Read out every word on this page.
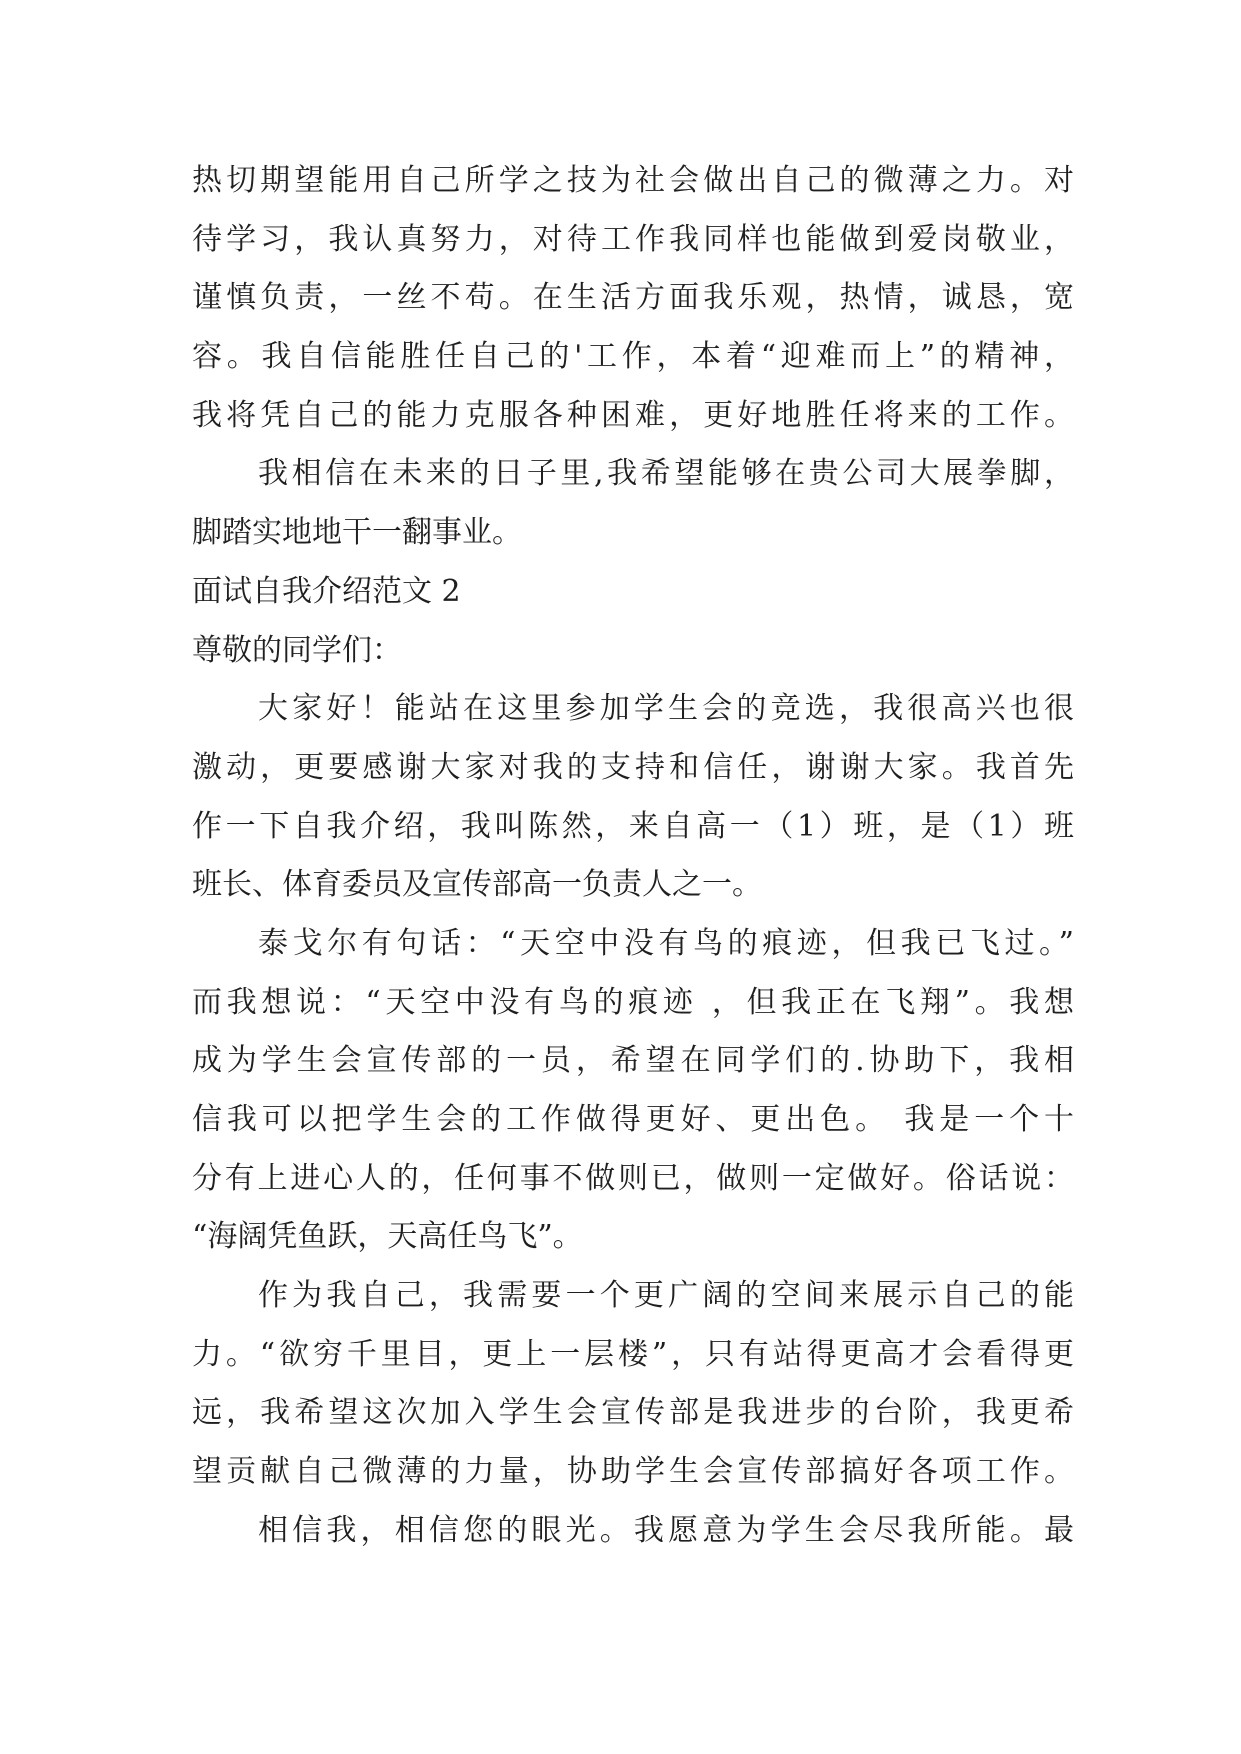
热切期望能用自己所学之技为社会做出自己的微薄之力。对
待学习，我认真努力，对待工作我同样也能做到爱岗敬业，
谨慎负责，一丝不苟。在生活方面我乐观，热情，诚恳，宽
容。我自信能胜任自己的'工作，本着“迎难而上”的精神，
我将凭自己的能力克服各种困难，更好地胜任将来的工作。
我相信在未来的日子里,我希望能够在贵公司大展拳脚，
脚踏实地地干一翻事业。
面试自我介绍范文 2
尊敬的同学们：
大家好！能站在这里参加学生会的竞选，我很高兴也很
激动，更要感谢大家对我的支持和信任，谢谢大家。我首先
作一下自我介绍，我叫陈然，来自高一（1）班，是（1）班
班长、体育委员及宣传部高一负责人之一。
泰戈尔有句话：“天空中没有鸟的痕迹，但我已飞过。”
而我想说：“天空中没有鸟的痕迹 ，但我正在飞翔”。我想
成为学生会宣传部的一员，希望在同学们的.协助下，我相
信我可以把学生会的工作做得更好、更出色。 我是一个十
分有上进心人的，任何事不做则已，做则一定做好。俗话说：
“海阔凭鱼跃，天高任鸟飞”。
作为我自己，我需要一个更广阔的空间来展示自己的能
力。“欲穷千里目，更上一层楼”，只有站得更高才会看得更
远，我希望这次加入学生会宣传部是我进步的台阶，我更希
望贡献自己微薄的力量，协助学生会宣传部搞好各项工作。
相信我，相信您的眼光。我愿意为学生会尽我所能。最
